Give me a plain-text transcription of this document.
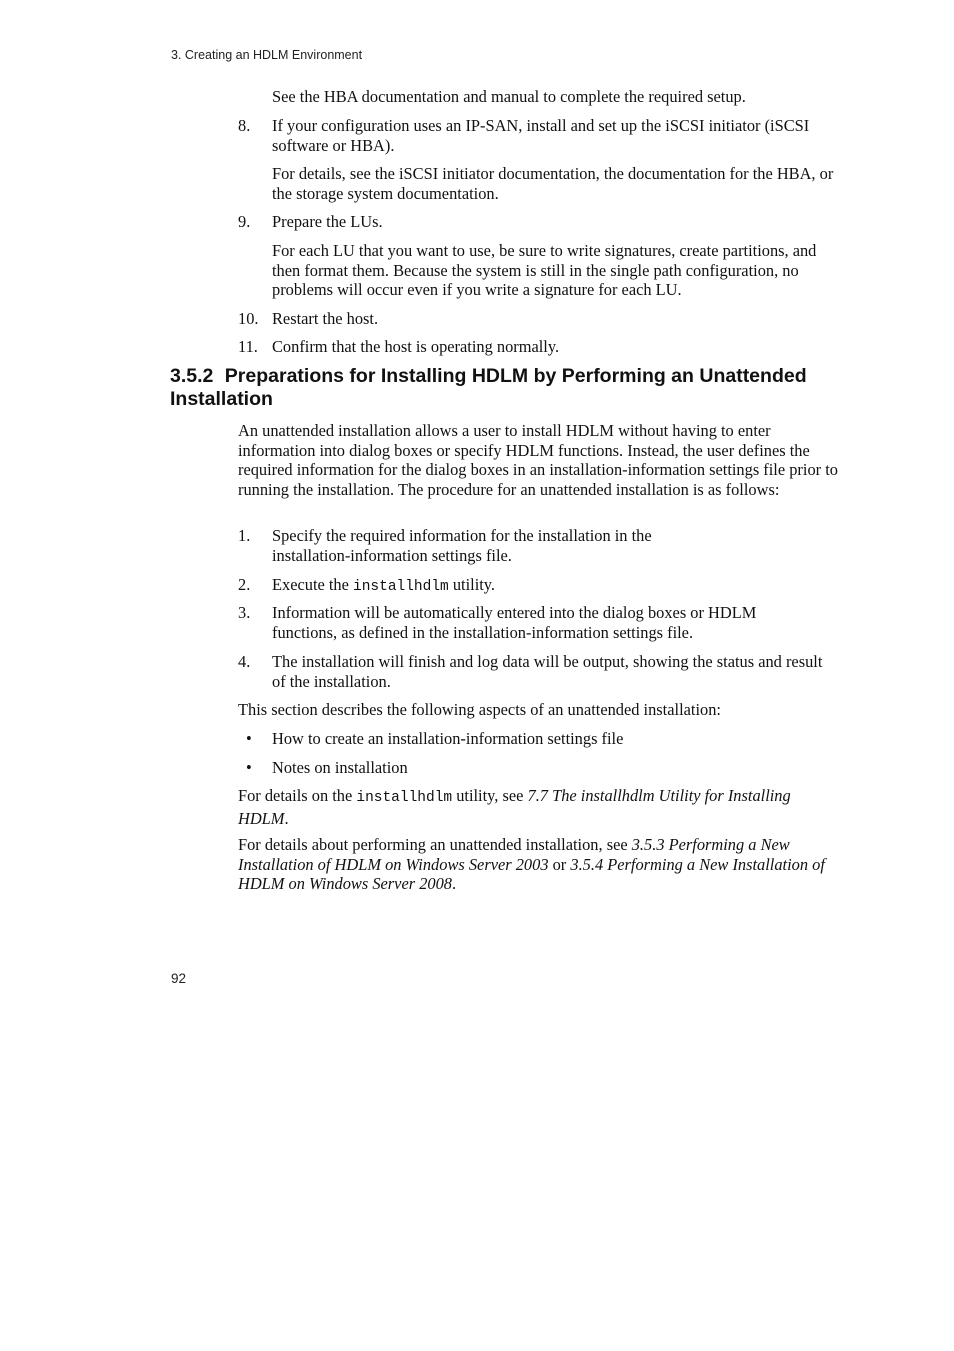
3. Creating an HDLM Environment

See the HBA documentation and manual to complete the required setup.

8. If your configuration uses an IP-SAN, install and set up the iSCSI initiator (iSCSI software or HBA).

For details, see the iSCSI initiator documentation, the documentation for the HBA, or the storage system documentation.

9. Prepare the LUs.

For each LU that you want to use, be sure to write signatures, create partitions, and then format them. Because the system is still in the single path configuration, no problems will occur even if you write a signature for each LU.

10. Restart the host.

11. Confirm that the host is operating normally.

3.5.2 Preparations for Installing HDLM by Performing an Unattended Installation

An unattended installation allows a user to install HDLM without having to enter information into dialog boxes or specify HDLM functions. Instead, the user defines the required information for the dialog boxes in an installation-information settings file prior to running the installation. The procedure for an unattended installation is as follows:

1. Specify the required information for the installation in the installation-information settings file.

2. Execute the installhdlm utility.

3. Information will be automatically entered into the dialog boxes or HDLM functions, as defined in the installation-information settings file.

4. The installation will finish and log data will be output, showing the status and result of the installation.

This section describes the following aspects of an unattended installation:

• How to create an installation-information settings file

• Notes on installation

For details on the installhdlm utility, see 7.7 The installhdlm Utility for Installing HDLM.

For details about performing an unattended installation, see 3.5.3 Performing a New Installation of HDLM on Windows Server 2003 or 3.5.4 Performing a New Installation of HDLM on Windows Server 2008.

92
